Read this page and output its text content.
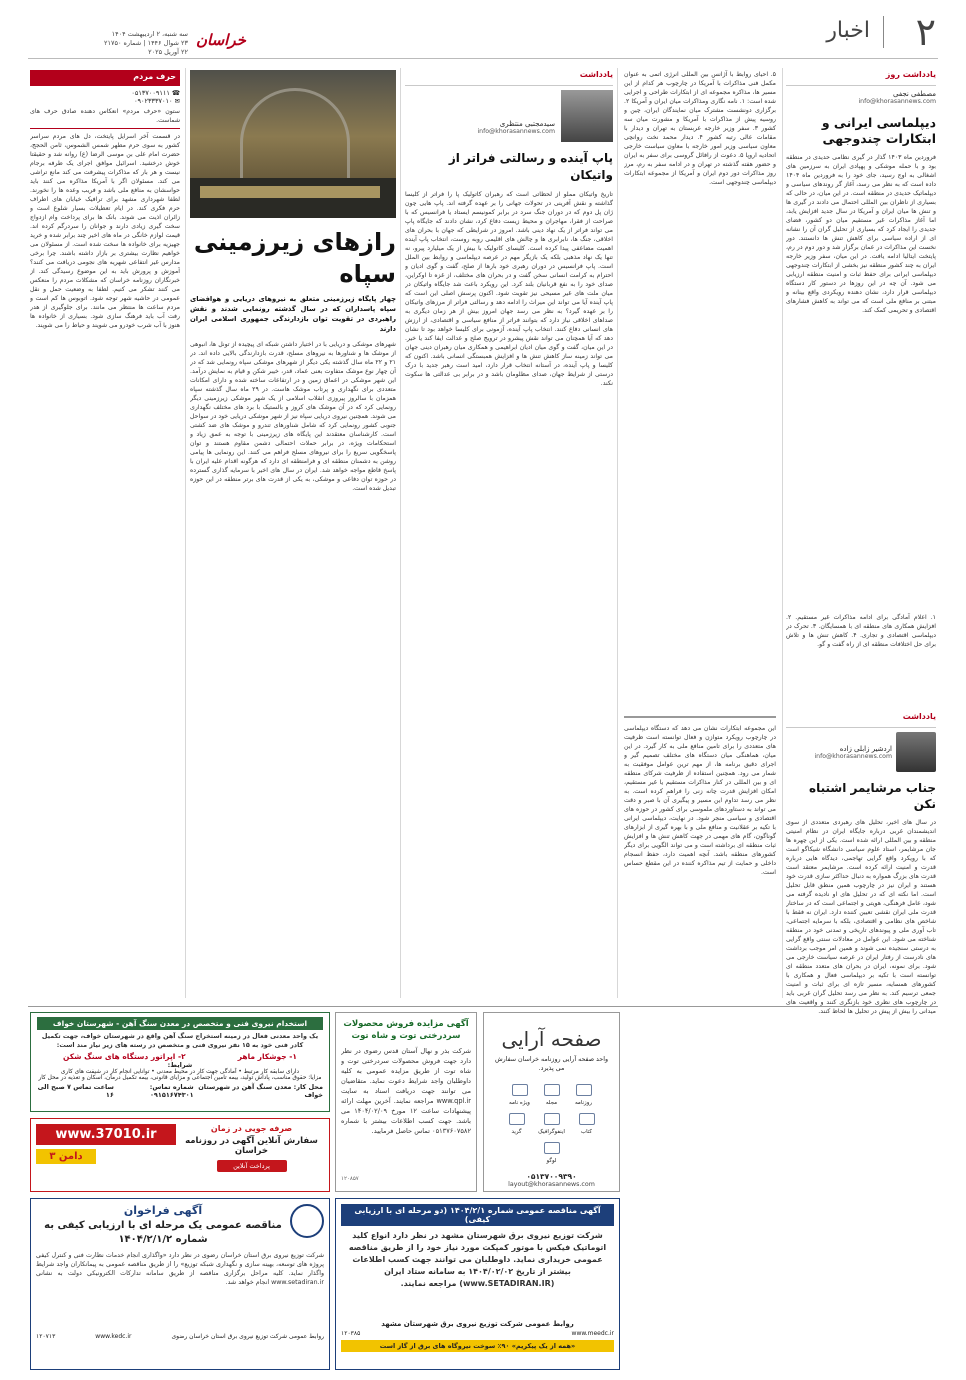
۲
اخبار
خراسان
سه شنبه، ۲ اردیبهشت ۱۴۰۴
۲۳ شوال ۱۴۴۶ | شماره ۲۱۷۵۰
۲۲ آوریل ۲۰۲۵
یادداشت روز
مصطفی نجفی
info@khorasannews.com
دیپلماسی ایرانی و ابتکارات چندوجهی
فروردین ماه ۱۴۰۳ گذار در گیری نظامی حدیدی در منطقه بود و با حمله موشکی و پهپادی ایران به سرزمین های اشغالی به اوج رسید، جای خود را به فروردین ماه ۱۴۰۴ داده است که به نظر می رسد، آغاز گر روندهای سیاسی و دیپلماتیک حدیدی در منطقه است. در این میان، در حالی که بسیاری از ناظران بین المللی احتمال می دادند در گیری ها و تنش ها میان ایران و آمریکا در سال جدید افزایش یابد، اما آغاز مذاکرات غیر مستقیم میان دو کشور، فضای جدیدی را ایجاد کرد که بسیاری از تحلیل گران آن را نشانه ای از اراده سیاسی برای کاهش تنش ها دانستند. دور نخست این مذاکرات در عمان برگزار شد و دور دوم در رم، پایتخت ایتالیا ادامه یافت. در این میان، سفر وزیر خارجه ایران به چند کشور منطقه نیز بخشی از ابتکارات چندوجهی دیپلماسی ایرانی برای حفظ ثبات و امنیت منطقه ارزیابی می شود. آن چه در این روزها در دستور کار دستگاه دیپلماسی قرار دارد، نشان دهنده رویکردی واقع بینانه و مبتنی بر منافع ملی است که می تواند به کاهش فشارهای اقتصادی و تحریمی کمک کند.
۱. اعلام آمادگی برای ادامه مذاکرات غیر مستقیم. ۲. افزایش همکاری های منطقه ای با همسایگان. ۳. تحرک در دیپلماسی اقتصادی و تجاری. ۴. کاهش تنش ها و تلاش برای حل اختلافات منطقه ای از راه گفت و گو.
یادداشت
اردشیر زابلی زاده
info@khorasannews.com
جناب مرشایمر اشتباه نکن
در سال های اخیر، تحلیل های رهبردی متعددی از سوی اندیشمندان غربی درباره جایگاه ایران در نظام امنیتی منطقه و بین المللی ارائه شده است. یکی از این چهره ها جان مرشایمر، استاد علوم سیاسی دانشگاه شیکاگو است که با رویکرد واقع گرایی تهاجمی، دیدگاه هایی درباره قدرت و امنیت ارائه کرده است. مرشایمر معتقد است قدرت های بزرگ همواره به دنبال حداکثر سازی قدرت خود هستند و ایران نیز در چارچوب همین منطق قابل تحلیل است. اما نکته ای که در تحلیل های او نادیده گرفته می شود، عامل فرهنگی، هویتی و اجتماعی است که در ساختار قدرت ملی ایران نقشی تعیین کننده دارد. ایران نه فقط با شاخص های نظامی و اقتصادی، بلکه با سرمایه اجتماعی، تاب آوری ملی و پیوندهای تاریخی و تمدنی خود در منطقه شناخته می شود. این عوامل در معادلات سنتی واقع گرایی به درستی سنجیده نمی شوند و همین امر موجب برداشت های نادرست از رفتار ایران در عرصه سیاست خارجی می شود. برای نمونه، ایران در بحران های متعدد منطقه ای توانسته است با تکیه بر دیپلماسی فعال و همکاری با کشورهای همسایه، مسیر تازه ای برای ثبات و امنیت جمعی ترسیم کند. به نظر می رسد تحلیل گران غربی باید در چارچوب های نظری خود بازنگری کنند و واقعیت های میدانی را بیش از پیش در تحلیل ها لحاظ کنند.
۵. احیای روابط با آژانس بین المللی انرژی اتمی به عنوان مکمل فنی مذاکرات با آمریکا در چارچوب هر کدام از این مسیر ها، مذاکره مجموعه ای از ابتکارات طراحی و اجرایی شده است: ۱. نامه نگاری ومذاکرات میان ایران و آمریکا ۲. برگزاری دونشست مشترک میان نمایندگان ایران، چین و روسیه پیش از مذاکرات با آمریکا و مشورت میان سه کشور ۳. سفر وزیر خارجه عربستان به تهران و دیدار با مقامات عالی رتبه کشور ۴. دیدار محمد نخت روانچی معاون سیاسی وزیر امور خارجه با معاون سیاست خارجی اتحادیه اروپا ۵. دعوت از رافائل گروسی برای سفر به ایران و حضور هفته گذشته در تهران و در ادامه سفر به رم، مرز روز مذاکرات دور دوم ایران و آمریکا از مجموعه ابتکارات دیپلماسی چندوجهی است.
این مجموعه ابتکارات نشان می دهد که دستگاه دیپلماسی در چارچوب رویکرد متوازن و فعال توانسته است ظرفیت های متعددی را برای تامین منافع ملی به کار گیرد. در این میان، هماهنگی میان دستگاه های مختلف تصمیم گیر و اجرای دقیق برنامه ها، از مهم ترین عوامل موفقیت به شمار می رود. همچنین استفاده از ظرفیت شرکای منطقه ای و بین المللی در کنار مذاکرات مستقیم یا غیر مستقیم، امکان افزایش قدرت چانه زنی را فراهم کرده است. به نظر می رسد تداوم این مسیر و پیگیری آن با صبر و دقت می تواند به دستاوردهای ملموسی برای کشور در حوزه های اقتصادی و سیاسی منجر شود. در نهایت، دیپلماسی ایرانی با تکیه بر عقلانیت و منافع ملی و با بهره گیری از ابزارهای گوناگون، گام های مهمی در جهت کاهش تنش ها و افزایش ثبات منطقه ای برداشته است و می تواند الگویی برای دیگر کشورهای منطقه باشد. آنچه اهمیت دارد، حفظ انسجام داخلی و حمایت از تیم مذاکره کننده در این مقطع حساس است.
یادداشت
سیدمجتبی منتظری
info@khorasannews.com
پاپ آینده و رسالتی فراتر از واتیکان
تاریخ واتیکان مملو از لحظاتی است که رهبران کاتولیک پا را فراتر از کلیسا گذاشته و نقش آفرینی در تحولات جهانی را بر عهده گرفته اند. پاپ هایی چون ژان پل دوم که در دوران جنگ سرد در برابر کمونیسم ایستاد یا فرانسیس که با صراحت از فقرا، مهاجران و محیط زیست دفاع کرد، نشان دادند که جایگاه پاپ می تواند فراتر از یک نهاد دینی باشد. امروز در شرایطی که جهان با بحران های اخلاقی، جنگ ها، نابرابری ها و چالش های اقلیمی روبه روست، انتخاب پاپ آینده اهمیت مضاعفی پیدا کرده است. کلیسای کاتولیک با بیش از یک میلیارد پیرو، نه تنها یک نهاد مذهبی بلکه یک بازیگر مهم در عرصه دیپلماسی و روابط بین الملل است. پاپ فرانسیس در دوران رهبری خود بارها از صلح، گفت و گوی ادیان و احترام به کرامت انسانی سخن گفت و در بحران های مختلف، از غزه تا اوکراین، صدای خود را به نفع قربانیان بلند کرد. این رویکرد باعث شد جایگاه واتیکان در میان ملت های غیر مسیحی نیز تقویت شود. اکنون پرسش اصلی این است که پاپ آینده آیا می تواند این میراث را ادامه دهد و رسالتی فراتر از مرزهای واتیکان را بر عهده گیرد؟ به نظر می رسد جهان امروز بیش از هر زمان دیگری به صداهای اخلاقی نیاز دارد که بتوانند فراتر از منافع سیاسی و اقتصادی، از ارزش های انسانی دفاع کنند. انتخاب پاپ آینده، آزمونی برای کلیسا خواهد بود تا نشان دهد که آیا همچنان می تواند نقش پیشرو در ترویج صلح و عدالت ایفا کند یا خیر. در این میان، گفت و گوی میان ادیان ابراهیمی و همکاری میان رهبران دینی جهان می تواند زمینه ساز کاهش تنش ها و افزایش همبستگی انسانی باشد. اکنون که کلیسا و پاپ آینده، در آستانه انتخاب قرار دارد، امید است رهبر جدید با درک درستی از شرایط جهان، صدای مظلومان باشد و در برابر بی عدالتی ها سکوت نکند.
رازهای زیرزمینی سپاه
چهار پایگاه زیرزمینی متعلق به نیروهای دریایی و هوافضای سپاه پاسداران که در سال گذشته رونمایی شدند و نقش راهبردی در تقویت توان بازدارندگی جمهوری اسلامی ایران دارند
شهرهای موشکی و دریایی با در اختیار داشتن شبکه ای پیچیده از تونل ها، انبوهی از موشک ها و شناورها به نیروهای مسلح، قدرت بازدارندگی بالایی داده اند. در ۲۱ و ۲۲ ماه سال گذشته یکی دیگر از شهرهای موشکی سپاه رونمایی شد که در آن چهار نوع موشک متفاوت بعنی عماد، قدر، خیبر شکن و قیام به نمایش درآمد. این شهر موشکی در اعماق زمین و در ارتفاعات ساخته شده و دارای امکانات متعددی برای نگهداری و پرتاب موشک هاست. در ۲۹ ماه سال گذشته سپاه همزمان با سالروز پیروزی انقلاب اسلامی از یک شهر موشکی زیرزمینی دیگر رونمایی کرد که در آن موشک های کروز و بالستیک با برد های مختلف نگهداری می شوند. همچنین نیروی دریایی سپاه نیز از شهر موشکی دریایی خود در سواحل جنوبی کشور رونمایی کرد که شامل شناورهای تندرو و موشک های ضد کشتی است. کارشناسان معتقدند این پایگاه های زیرزمینی با توجه به عمق زیاد و استحکامات ویژه، در برابر حملات احتمالی دشمن مقاوم هستند و توان پاسخگویی سریع را برای نیروهای مسلح فراهم می کنند. این رونمایی ها پیامی روشن به دشمنان منطقه ای و فرامنطقه ای دارد که هرگونه اقدام علیه ایران با پاسخ قاطع مواجه خواهد شد. ایران در سال های اخیر با سرمایه گذاری گسترده در حوزه توان دفاعی و موشکی، به یکی از قدرت های برتر منطقه در این حوزه تبدیل شده است.
حرف مردم
☎ ۰۵۱۳۷۰۰۹۱۱۱
✉ ۰۹۰۲۳۳۳۷۰۱۰
ستون «حرف مردم» انعکاس دهنده صادق حرف های شماست.
در قسمت آخر اسرایل پایتخت، دل های مردم سراسر کشور به سوی حرم مطهر شمس الشموس، ثامن الحجج، حضرت امام علی بن موسی الرضا (ع) روانه شد و حقیقتا خوش درخشید. اسرائیل موافق اجرای یک طرفه برجام نیست و هر بار که مذاکرات پیشرفت می کند مانع تراشی می کند. مسئولان اگر با آمریکا مذاکره می کنند باید حواسشان به منافع ملی باشد و فریب وعده ها را نخورند. لطفا شهرداری مشهد برای ترافیک خیابان های اطراف حرم فکری کند. در ایام تعطیلات بسیار شلوغ است و زائران اذیت می شوند. بانک ها برای پرداخت وام ازدواج سخت گیری زیادی دارند و جوانان را سردرگم کرده اند. قیمت لوازم خانگی در ماه های اخیر چند برابر شده و خرید جهیزیه برای خانواده ها سخت شده است. از مسئولان می خواهیم نظارت بیشتری بر بازار داشته باشند. چرا برخی مدارس غیر انتفاعی شهریه های نجومی دریافت می کنند؟ آموزش و پرورش باید به این موضوع رسیدگی کند. از خبرنگاران روزنامه خراسان که مشکلات مردم را منعکس می کنند تشکر می کنیم. لطفا به وضعیت حمل و نقل عمومی در حاشیه شهر توجه شود. اتوبوس ها کم است و مردم ساعت ها منتظر می مانند. برای جلوگیری از هدر رفت آب باید فرهنگ سازی شود. بسیاری از خانواده ها هنوز با آب شرب خودرو می شویند و حیاط را می شویند.
صفحه آرایی
واحد صفحه آرایی روزنامه خراسان سفارش می پذیرد.
روزنامه
مجله
ویژه نامه
کتاب
اینفوگرافیک
گرید
لوگو
۰۵۱۳۷۰۰۹۳۹۰
layout@khorasannews.com
آگهی مزایده فروش محصولات سردرختی توت و شاه توت
شرکت بذر و نهال آستان قدس رضوی در نظر دارد جهت فروش محصولات سردرختی توت و شاه توت از طریق مزایده عمومی به کلیه داوطلبان واجد شرایط دعوت نماید. متقاضیان می توانند جهت دریافت اسناد به سایت www.qpl.ir مراجعه نمایند. آخرین مهلت ارائه پیشنهادات ساعت ۱۲ مورخ ۱۴۰۴/۰۲/۰۹ می باشد. جهت کسب اطلاعات بیشتر با شماره ۰۵۱۳۷۶۰۷۵۸۲ تماس حاصل فرمایید.
۱۲۰۸۵۷
استخدام نیروی فنی و متخصص در معدن سنگ آهن - شهرستان خواف
یک واحد معدنی فعال در زمینه استخراج سنگ آهن واقع در شهرستان خواف، جهت تکمیل کادر فنی خود به ۱۵ نفر نیروی فنی و متخصص در رسته های زیر نیاز مند است:
۱- جوشکار ماهر
۲- اپراتور دستگاه های سنگ شکن
شرایط:
دارای سابقه کار مرتبط • آمادگی جهت کار در محیط معدنی • توانایی انجام کار در شیفت های کاری
مزایا: حقوق مناسب، پاداش تولید، بیمه تامین اجتماعی و مزایای قانونی، بیمه تکمیل درمان، اسکان و تغذیه در محل کار
محل کار: معدن سنگ آهن در شهرستان خواف
شماره تماس: ۰۹۱۵۱۶۷۴۳۰۱
ساعت تماس ۷ صبح الی ۱۶
صرفه جویی در زمان
سفارش آنلاین آگهی در روزنامه خراسان
پرداخت آنلاین
www.37010.ir
دامن ۳
آگهی فراخوان
مناقصه عمومی یک مرحله ای با ارزیابی کیفی به شماره ۱۴۰۴/۲/۱/۲
شرکت توزیع نیروی برق استان خراسان رضوی در نظر دارد «واگذاری انجام خدمات نظارت فنی و کنترل کیفی پروژه های توسعه، بهینه سازی و نگهداری شبکه توزیع» را از طریق مناقصه عمومی به پیمانکاران واجد شرایط واگذار نماید. کلیه مراحل برگزاری مناقصه از طریق سامانه تدارکات الکترونیکی دولت به نشانی www.setadiran.ir انجام خواهد شد.
روابط عمومی شرکت توزیع نیروی برق استان خراسان رضوی
www.kedc.ir
۱۲۰۷۱۳
آگهی مناقصه عمومی شماره ۱۴۰۴/۲/۱ (دو مرحله ای با ارزیابی کیفی)
شرکت توزیع نیروی برق شهرستان مشهد در نظر دارد انواع کلید اتوماتیک فیکس با موتور کمپکت مورد نیاز خود را از طریق مناقصه عمومی خریداری نماید. داوطلبان می توانند جهت کسب اطلاعات بیشتر از تاریخ ۱۴۰۴/۰۲/۰۲ به سامانه ستاد ایران (www.SETADIRAN.IR) مراجعه نمایند.
روابط عمومی شرکت توزیع نیروی برق شهرستان مشهد
۱۲۰۳۸۵	www.meedc.ir
«همه از یک پیکریم» ۹۰٪ سوخت نیروگاه های برق از گاز است
